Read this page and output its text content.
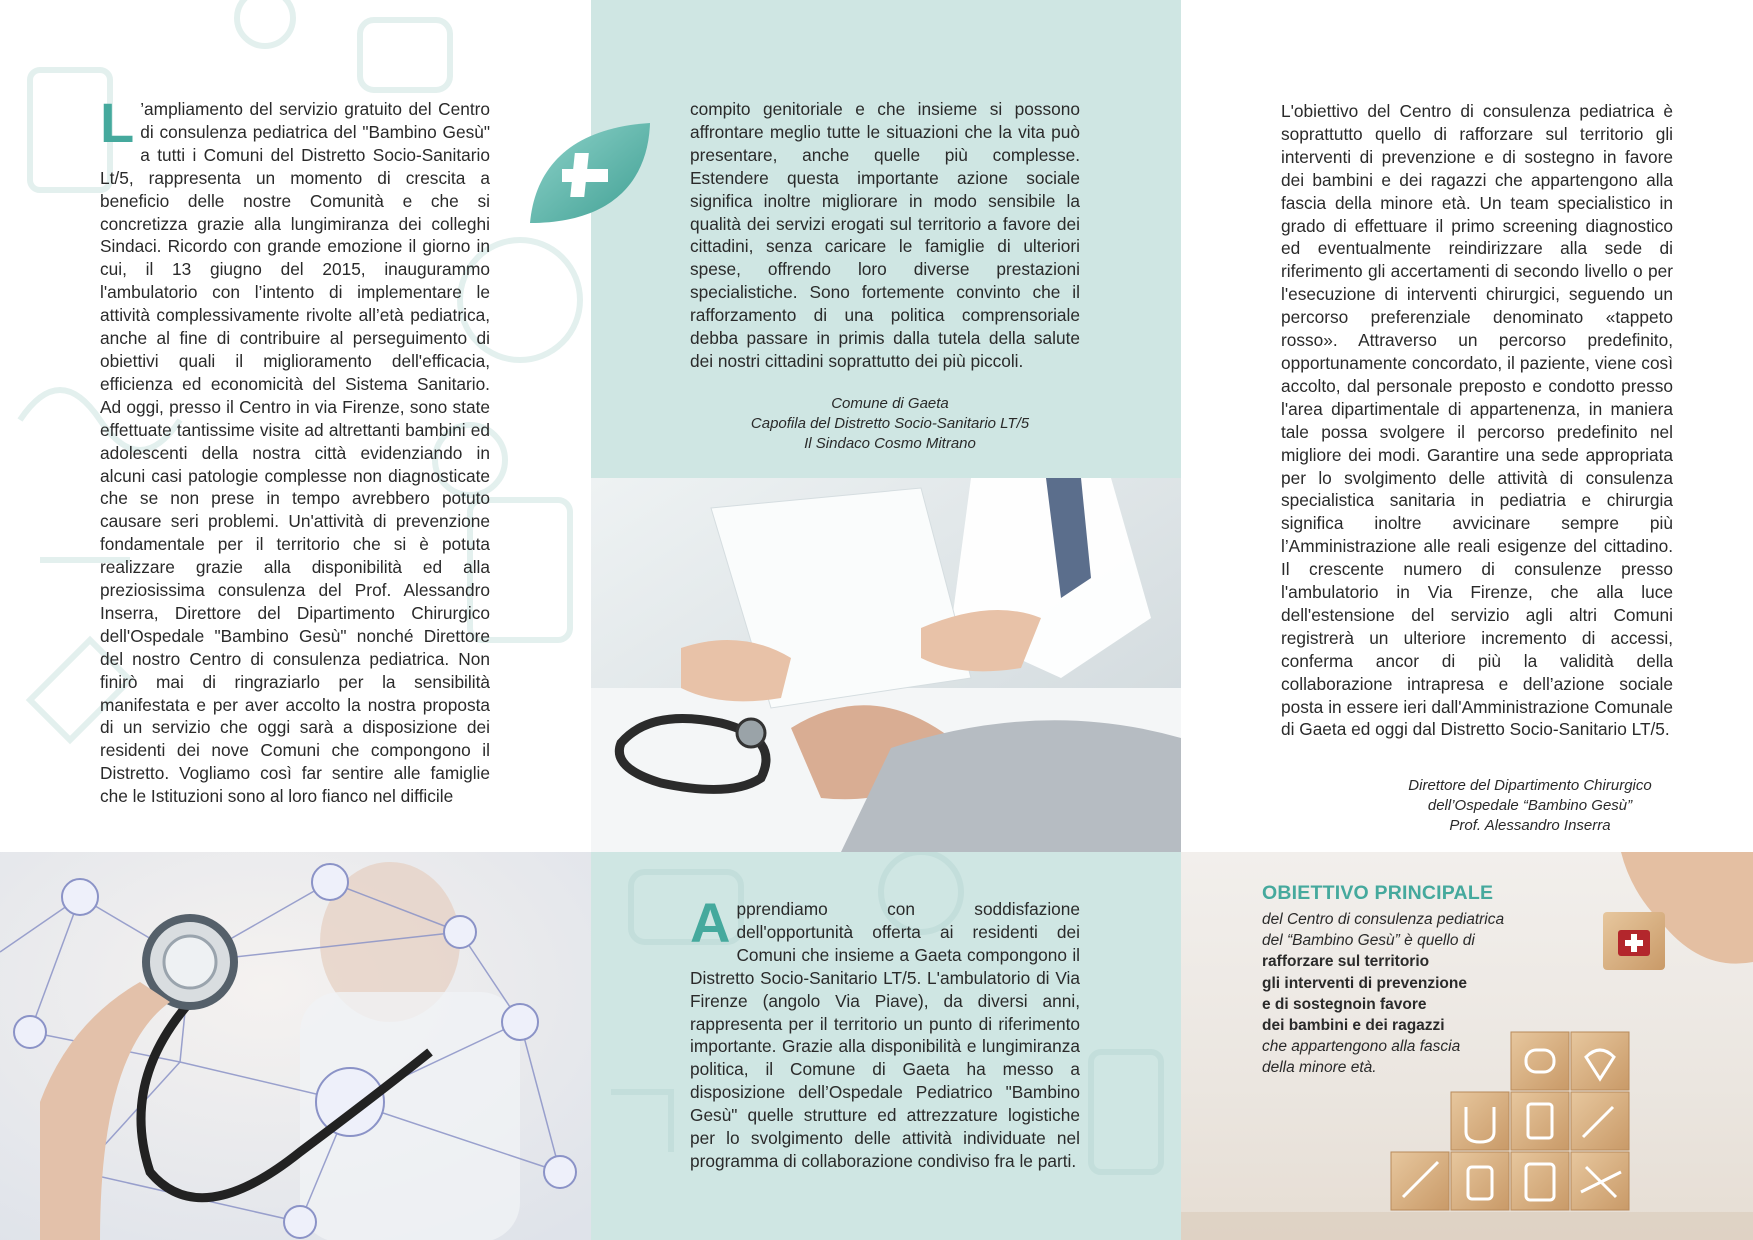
L ’ampliamento del servizio gratuito del Centro di consulenza pediatrica del "Bambino Gesù" a tutti i Comuni del Distretto Socio-Sanitario Lt/5, rappresenta un momento di crescita a beneficio delle nostre Comunità e che si concretizza grazie alla lungimiranza dei colleghi Sindaci. Ricordo con grande emozione il giorno in cui, il 13 giugno del 2015, inaugurammo l'ambulatorio con l’intento di implementare le attività complessivamente rivolte all’età pediatrica, anche al fine di contribuire al perseguimento di obiettivi quali il miglioramento dell'efficacia, efficienza ed economicità del Sistema Sanitario. Ad oggi, presso il Centro in via Firenze, sono state effettuate tantissime visite ad altrettanti bambini ed adolescenti della nostra città evidenziando in alcuni casi patologie complesse non diagnosticate che se non prese in tempo avrebbero potuto causare seri problemi. Un'attività di prevenzione fondamentale per il territorio che si è potuta realizzare grazie alla disponibilità ed alla preziosissima consulenza del Prof. Alessandro Inserra, Direttore del Dipartimento Chirurgico dell'Ospedale "Bambino Gesù" nonché Direttore del nostro Centro di consulenza pediatrica. Non finirò mai di ringraziarlo per la sensibilità manifestata e per aver accolto la nostra proposta di un servizio che oggi sarà a disposizione dei residenti dei nove Comuni che compongono il Distretto. Vogliamo così far sentire alle famiglie che le Istituzioni sono al loro fianco nel difficile
compito genitoriale e che insieme si possono affrontare meglio tutte le situazioni che la vita può presentare, anche quelle più complesse. Estendere questa importante azione sociale significa inoltre migliorare in modo sensibile la qualità dei servizi erogati sul territorio a favore dei cittadini, senza caricare le famiglie di ulteriori spese, offrendo loro diverse prestazioni specialistiche. Sono fortemente convinto che il rafforzamento di una politica comprensoriale debba passare in primis dalla tutela della salute dei nostri cittadini soprattutto dei più piccoli.
Comune di Gaeta
Capofila del Distretto Socio-Sanitario LT/5
Il Sindaco Cosmo Mitrano
L'obiettivo del Centro di consulenza pediatrica è soprattutto quello di rafforzare sul territorio gli interventi di prevenzione e di sostegno in favore dei bambini e dei ragazzi che appartengono alla fascia della minore età. Un team specialistico in grado di effettuare il primo screening diagnostico ed eventualmente reindirizzare alla sede di riferimento gli accertamenti di secondo livello o per l'esecuzione di interventi chirurgici, seguendo un percorso preferenziale denominato «tappeto rosso». Attraverso un percorso predefinito, opportunamente concordato, il paziente, viene così accolto, dal personale preposto e condotto presso l'area dipartimentale di appartenenza, in maniera tale possa svolgere il percorso predefinito nel migliore dei modi. Garantire una sede appropriata per lo svolgimento delle attività di consulenza specialistica sanitaria in pediatria e chirurgia significa inoltre avvicinare sempre più l’Amministrazione alle reali esigenze del cittadino. Il crescente numero di consulenze presso l'ambulatorio in Via Firenze, che alla luce dell'estensione del servizio agli altri Comuni registrerà un ulteriore incremento di accessi, conferma ancor di più la validità della collaborazione intrapresa e dell’azione sociale posta in essere ieri dall'Amministrazione Comunale di Gaeta ed oggi dal Distretto Socio-Sanitario LT/5.
Direttore del Dipartimento Chirurgico
dell’Ospedale “Bambino Gesù”
Prof. Alessandro Inserra
Apprendiamo con soddisfazione dell'opportunità offerta ai residenti dei Comuni che insieme a Gaeta compongono il Distretto Socio-Sanitario LT/5. L'ambulatorio di Via Firenze (angolo Via Piave), da diversi anni, rappresenta per il territorio un punto di riferimento importante. Grazie alla disponibilità e lungimiranza politica, il Comune di Gaeta ha messo a disposizione dell’Ospedale Pediatrico "Bambino Gesù" quelle strutture ed attrezzature logistiche per lo svolgimento delle attività individuate nel programma di collaborazione condiviso fra le parti.
OBIETTIVO PRINCIPALE
del Centro di consulenza pediatrica
del “Bambino Gesù” è quello di
rafforzare sul territorio
gli interventi di prevenzione
e di sostegnoin favore
dei bambini e dei ragazzi
che appartengono alla fascia
della minore età.
